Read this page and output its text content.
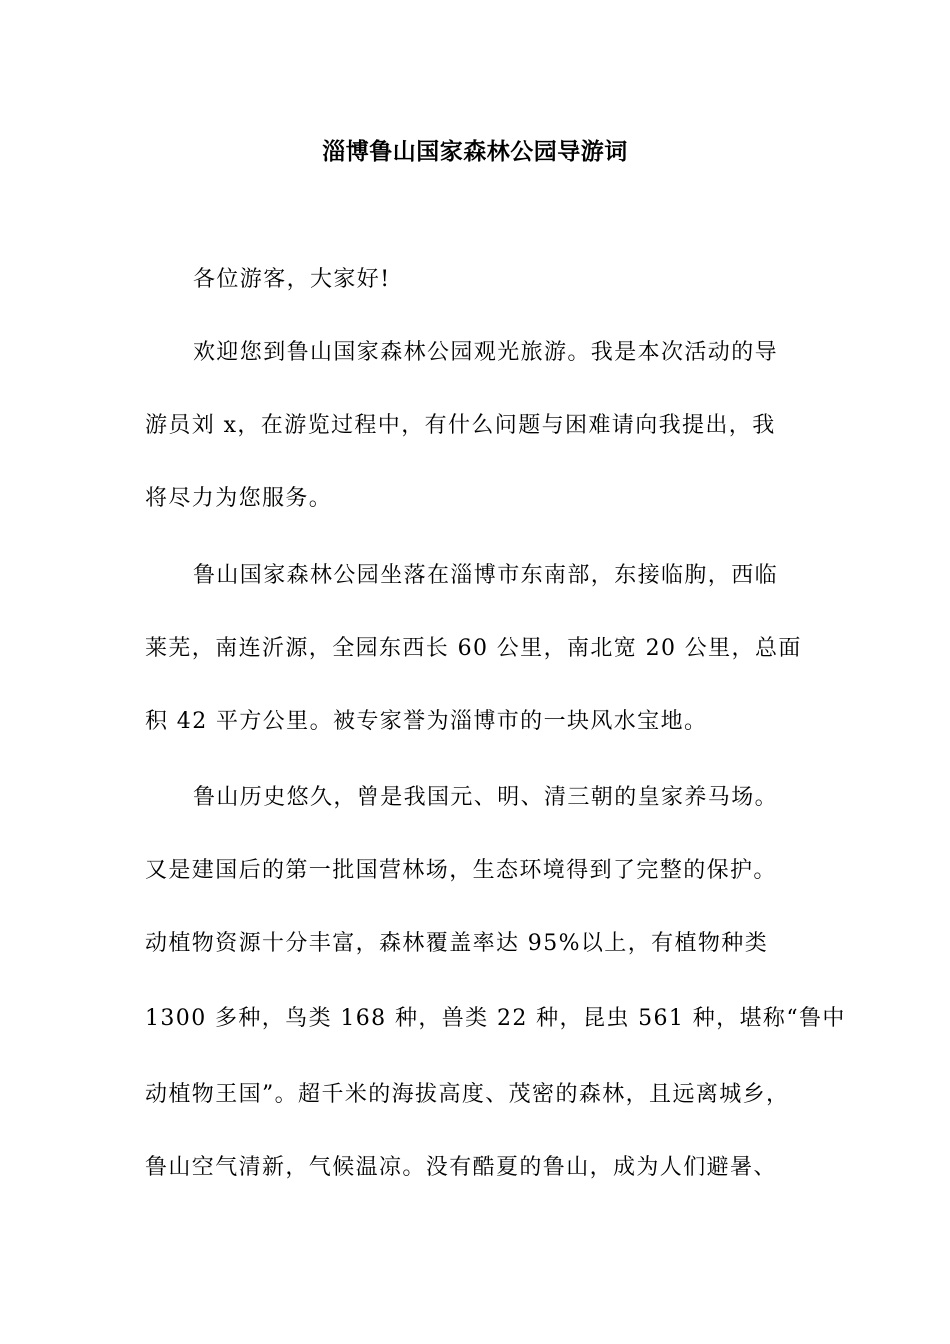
淄博鲁山国家森林公园导游词
各位游客，大家好!
欢迎您到鲁山国家森林公园观光旅游。我是本次活动的导
游员刘 x，在游览过程中，有什么问题与困难请向我提出，我
将尽力为您服务。
鲁山国家森林公园坐落在淄博市东南部，东接临朐，西临
莱芜，南连沂源，全园东西长 60 公里，南北宽 20 公里，总面
积 42 平方公里。被专家誉为淄博市的一块风水宝地。
鲁山历史悠久，曾是我国元、明、清三朝的皇家养马场。
又是建国后的第一批国营林场，生态环境得到了完整的保护。
动植物资源十分丰富，森林覆盖率达 95%以上，有植物种类
1300 多种，鸟类 168 种，兽类 22 种，昆虫 561 种，堪称“鲁中
动植物王国”。超千米的海拔高度、茂密的森林，且远离城乡，
鲁山空气清新，气候温凉。没有酷夏的鲁山，成为人们避暑、
